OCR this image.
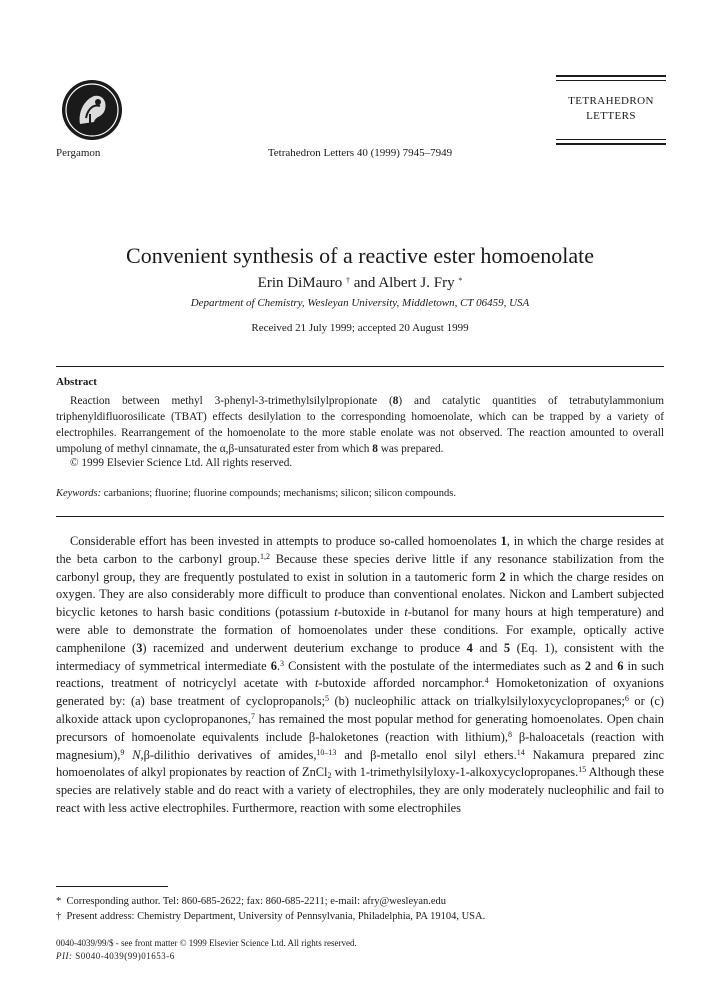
Pergamon	Tetrahedron Letters 40 (1999) 7945–7949
TETRAHEDRON
LETTERS
Convenient synthesis of a reactive ester homoenolate
Erin DiMauro † and Albert J. Fry *
Department of Chemistry, Wesleyan University, Middletown, CT 06459, USA
Received 21 July 1999; accepted 20 August 1999
Abstract
Reaction between methyl 3-phenyl-3-trimethylsilylpropionate (8) and catalytic quantities of tetrabutylammonium triphenyldifluorosilicate (TBAT) effects desilylation to the corresponding homoenolate, which can be trapped by a variety of electrophiles. Rearrangement of the homoenolate to the more stable enolate was not observed. The reaction amounted to overall umpolung of methyl cinnamate, the α,β-unsaturated ester from which 8 was prepared.
© 1999 Elsevier Science Ltd. All rights reserved.
Keywords: carbanions; fluorine; fluorine compounds; mechanisms; silicon; silicon compounds.
Considerable effort has been invested in attempts to produce so-called homoenolates 1, in which the charge resides at the beta carbon to the carbonyl group.$^{1,2}$ Because these species derive little if any resonance stabilization from the carbonyl group, they are frequently postulated to exist in solution in a tautomeric form 2 in which the charge resides on oxygen. They are also considerably more difficult to produce than conventional enolates. Nickon and Lambert subjected bicyclic ketones to harsh basic conditions (potassium t-butoxide in t-butanol for many hours at high temperature) and were able to demonstrate the formation of homoenolates under these conditions. For example, optically active camphenilone (3) racemized and underwent deuterium exchange to produce 4 and 5 (Eq. 1), consistent with the intermediacy of symmetrical intermediate 6.$^3$ Consistent with the postulate of the intermediates such as 2 and 6 in such reactions, treatment of notricyclyl acetate with t-butoxide afforded norcamphor.$^4$ Homoketonization of oxyanions generated by: (a) base treatment of cyclopropanols;$^5$ (b) nucleophilic attack on trialkylsilyloxycyclopropanes;$^6$ or (c) alkoxide attack upon cyclopropanones,$^7$ has remained the most popular method for generating homoenolates. Open chain precursors of homoenolate equivalents include β-haloketones (reaction with lithium),$^8$ β-haloacetals (reaction with magnesium),$^9$ N,β-dilithio derivatives of amides,$^{10-13}$ and β-metallo enol silyl ethers.$^{14}$ Nakamura prepared zinc homoenolates of alkyl propionates by reaction of ZnCl$_2$ with 1-trimethylsilyloxy-1-alkoxycyclopropanes.$^{15}$ Although these species are relatively stable and do react with a variety of electrophiles, they are only moderately nucleophilic and fail to react with less active electrophiles. Furthermore, reaction with some electrophiles
* Corresponding author. Tel: 860-685-2622; fax: 860-685-2211; e-mail: afry@wesleyan.edu
† Present address: Chemistry Department, University of Pennsylvania, Philadelphia, PA 19104, USA.
0040-4039/99/$ - see front matter © 1999 Elsevier Science Ltd. All rights reserved.
PII: S0040-4039(99)01653-6
